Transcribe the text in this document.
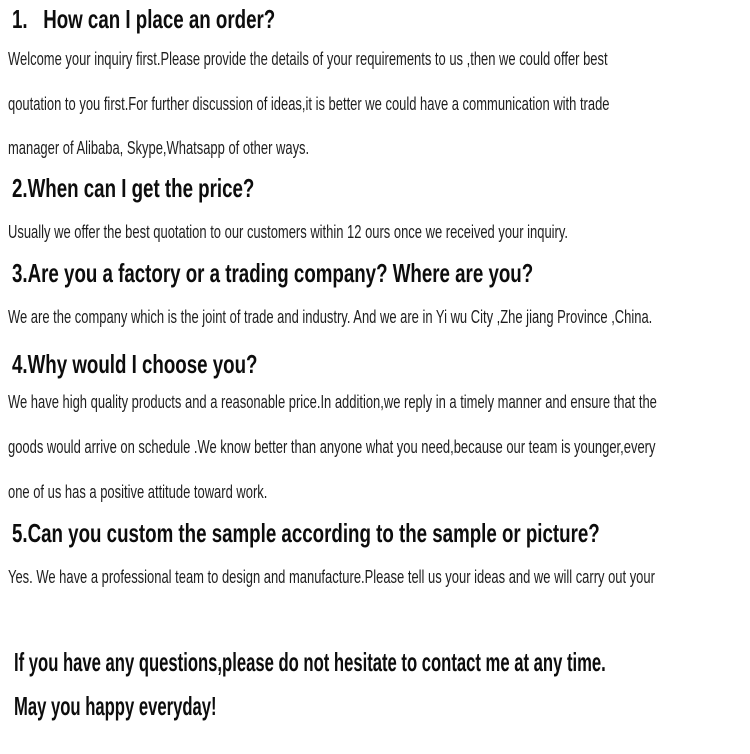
1.   How can I place an order?
Welcome your inquiry first.Please provide the details of your requirements to us ,then we could offer best
qoutation to you first.For further discussion of ideas,it is better we could have a communication with trade
manager of Alibaba, Skype,Whatsapp of other ways.
2.When can I get the price?
Usually we offer the best quotation to our customers within 12 ours once we received your inquiry.
3.Are you a factory or a trading company? Where are you?
We are the company which is the joint of trade and industry. And we are in Yi wu City ,Zhe jiang Province ,China.
4.Why would I choose you?
We have high quality products and a reasonable price.In addition,we reply in a timely manner and ensure that the
goods would arrive on schedule .We know better than anyone what you need,because our team is younger,every
one of us has a positive attitude toward work.
5.Can you custom the sample according to the sample or picture?
Yes. We have a professional team to design and manufacture.Please tell us your ideas and we will carry out your
If you have any questions,please do not hesitate to contact me at any time.
May you happy everyday!
